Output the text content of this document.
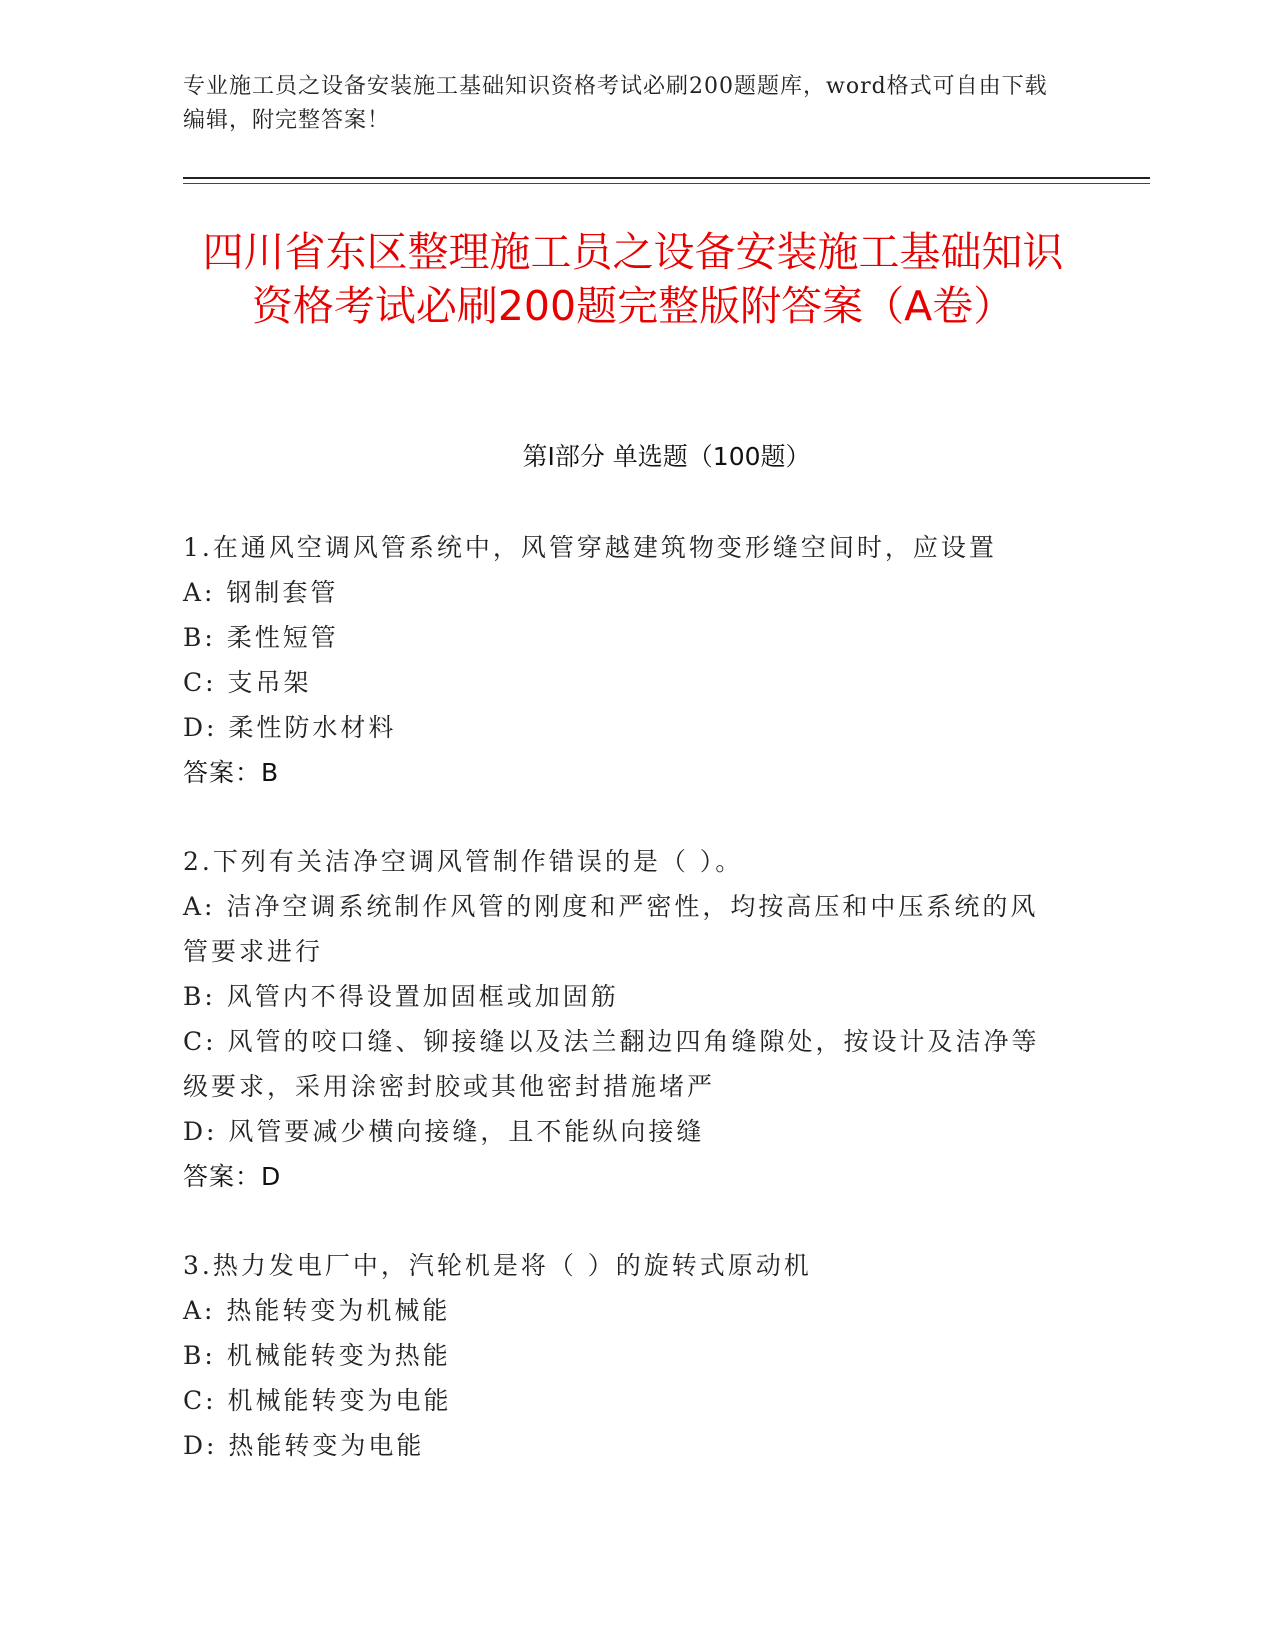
专业施工员之设备安装施工基础知识资格考试必刷200题题库，word格式可自由下载编辑，附完整答案！
四川省东区整理施工员之设备安装施工基础知识资格考试必刷200题完整版附答案（A卷）
第Ⅰ部分 单选题（100题）
1.在通风空调风管系统中，风管穿越建筑物变形缝空间时，应设置
A: 钢制套管
B: 柔性短管
C: 支吊架
D: 柔性防水材料
答案：B
2.下列有关洁净空调风管制作错误的是（ ）。
A: 洁净空调系统制作风管的刚度和严密性，均按高压和中压系统的风管要求进行
B: 风管内不得设置加固框或加固筋
C: 风管的咬口缝、铆接缝以及法兰翻边四角缝隙处，按设计及洁净等级要求，采用涂密封胶或其他密封措施堵严
D: 风管要减少横向接缝，且不能纵向接缝
答案：D
3.热力发电厂中，汽轮机是将（ ）的旋转式原动机
A: 热能转变为机械能
B: 机械能转变为热能
C: 机械能转变为电能
D: 热能转变为电能
